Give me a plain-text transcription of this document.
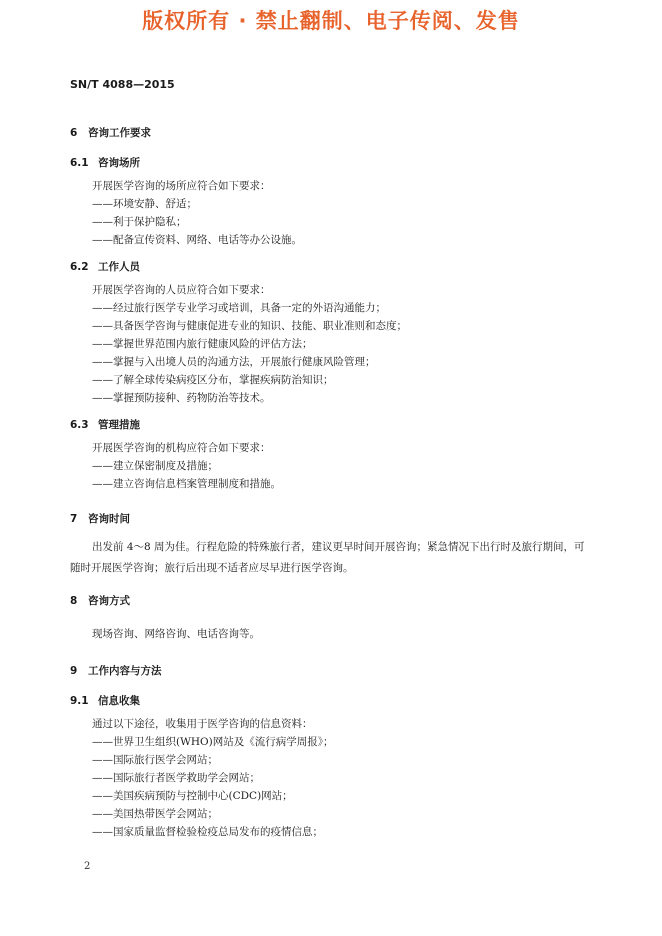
版权所有 · 禁止翻制、电子传阅、发售
SN/T 4088—2015
6 咨询工作要求
6.1 咨询场所

开展医学咨询的场所应符合如下要求：

——环境安静、舒适；

——利于保护隐私；

——配备宣传资料、网络、电话等办公设施。

6.2 工作人员

开展医学咨询的人员应符合如下要求：

——经过旅行医学专业学习或培训，具备一定的外语沟通能力；

——具备医学咨询与健康促进专业的知识、技能、职业准则和态度；

——掌握世界范围内旅行健康风险的评估方法；

——掌握与入出境人员的沟通方法，开展旅行健康风险管理；

——了解全球传染病疫区分布，掌握疾病防治知识；

——掌握预防接种、药物防治等技术。

6.3 管理措施

开展医学咨询的机构应符合如下要求：

——建立保密制度及措施；

——建立咨询信息档案管理制度和措施。

7 咨询时间

出发前 4～8 周为佳。行程危险的特殊旅行者，建议更早时间开展咨询；紧急情况下出行时及旅行期间，可随时开展医学咨询；旅行后出现不适者应尽早进行医学咨询。

8 咨询方式

现场咨询、网络咨询、电话咨询等。

9 工作内容与方法
9.1 信息收集

通过以下途径，收集用于医学咨询的信息资料：

——世界卫生组织(WHO)网站及《流行病学周报》；

——国际旅行医学会网站；

——国际旅行者医学救助学会网站；

——美国疾病预防与控制中心(CDC)网站；

——美国热带医学会网站；

——国家质量监督检验检疫总局发布的疫情信息；

2
